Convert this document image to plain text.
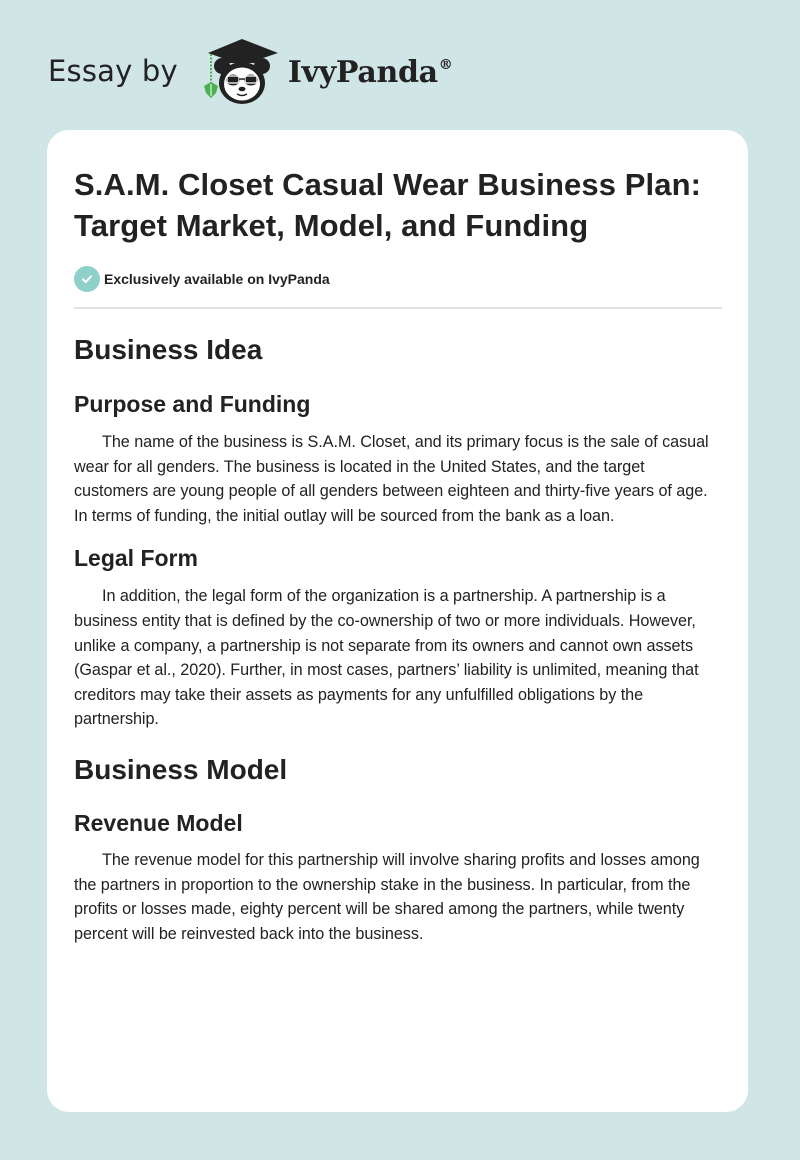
Essay by	IvyPanda®
S.A.M. Closet Casual Wear Business Plan: Target Market, Model, and Funding
Exclusively available on IvyPanda
Business Idea
Purpose and Funding

The name of the business is S.A.M. Closet, and its primary focus is the sale of casual wear for all genders. The business is located in the United States, and the target customers are young people of all genders between eighteen and thirty-five years of age. In terms of funding, the initial outlay will be sourced from the bank as a loan.

Legal Form

In addition, the legal form of the organization is a partnership. A partnership is a business entity that is defined by the co-ownership of two or more individuals. However, unlike a company, a partnership is not separate from its owners and cannot own assets (Gaspar et al., 2020). Further, in most cases, partners’ liability is unlimited, meaning that creditors may take their assets as payments for any unfulfilled obligations by the partnership.

Business Model
Revenue Model

The revenue model for this partnership will involve sharing profits and losses among the partners in proportion to the ownership stake in the business. In particular, from the profits or losses made, eighty percent will be shared among the partners, while twenty percent will be reinvested back into the business.
